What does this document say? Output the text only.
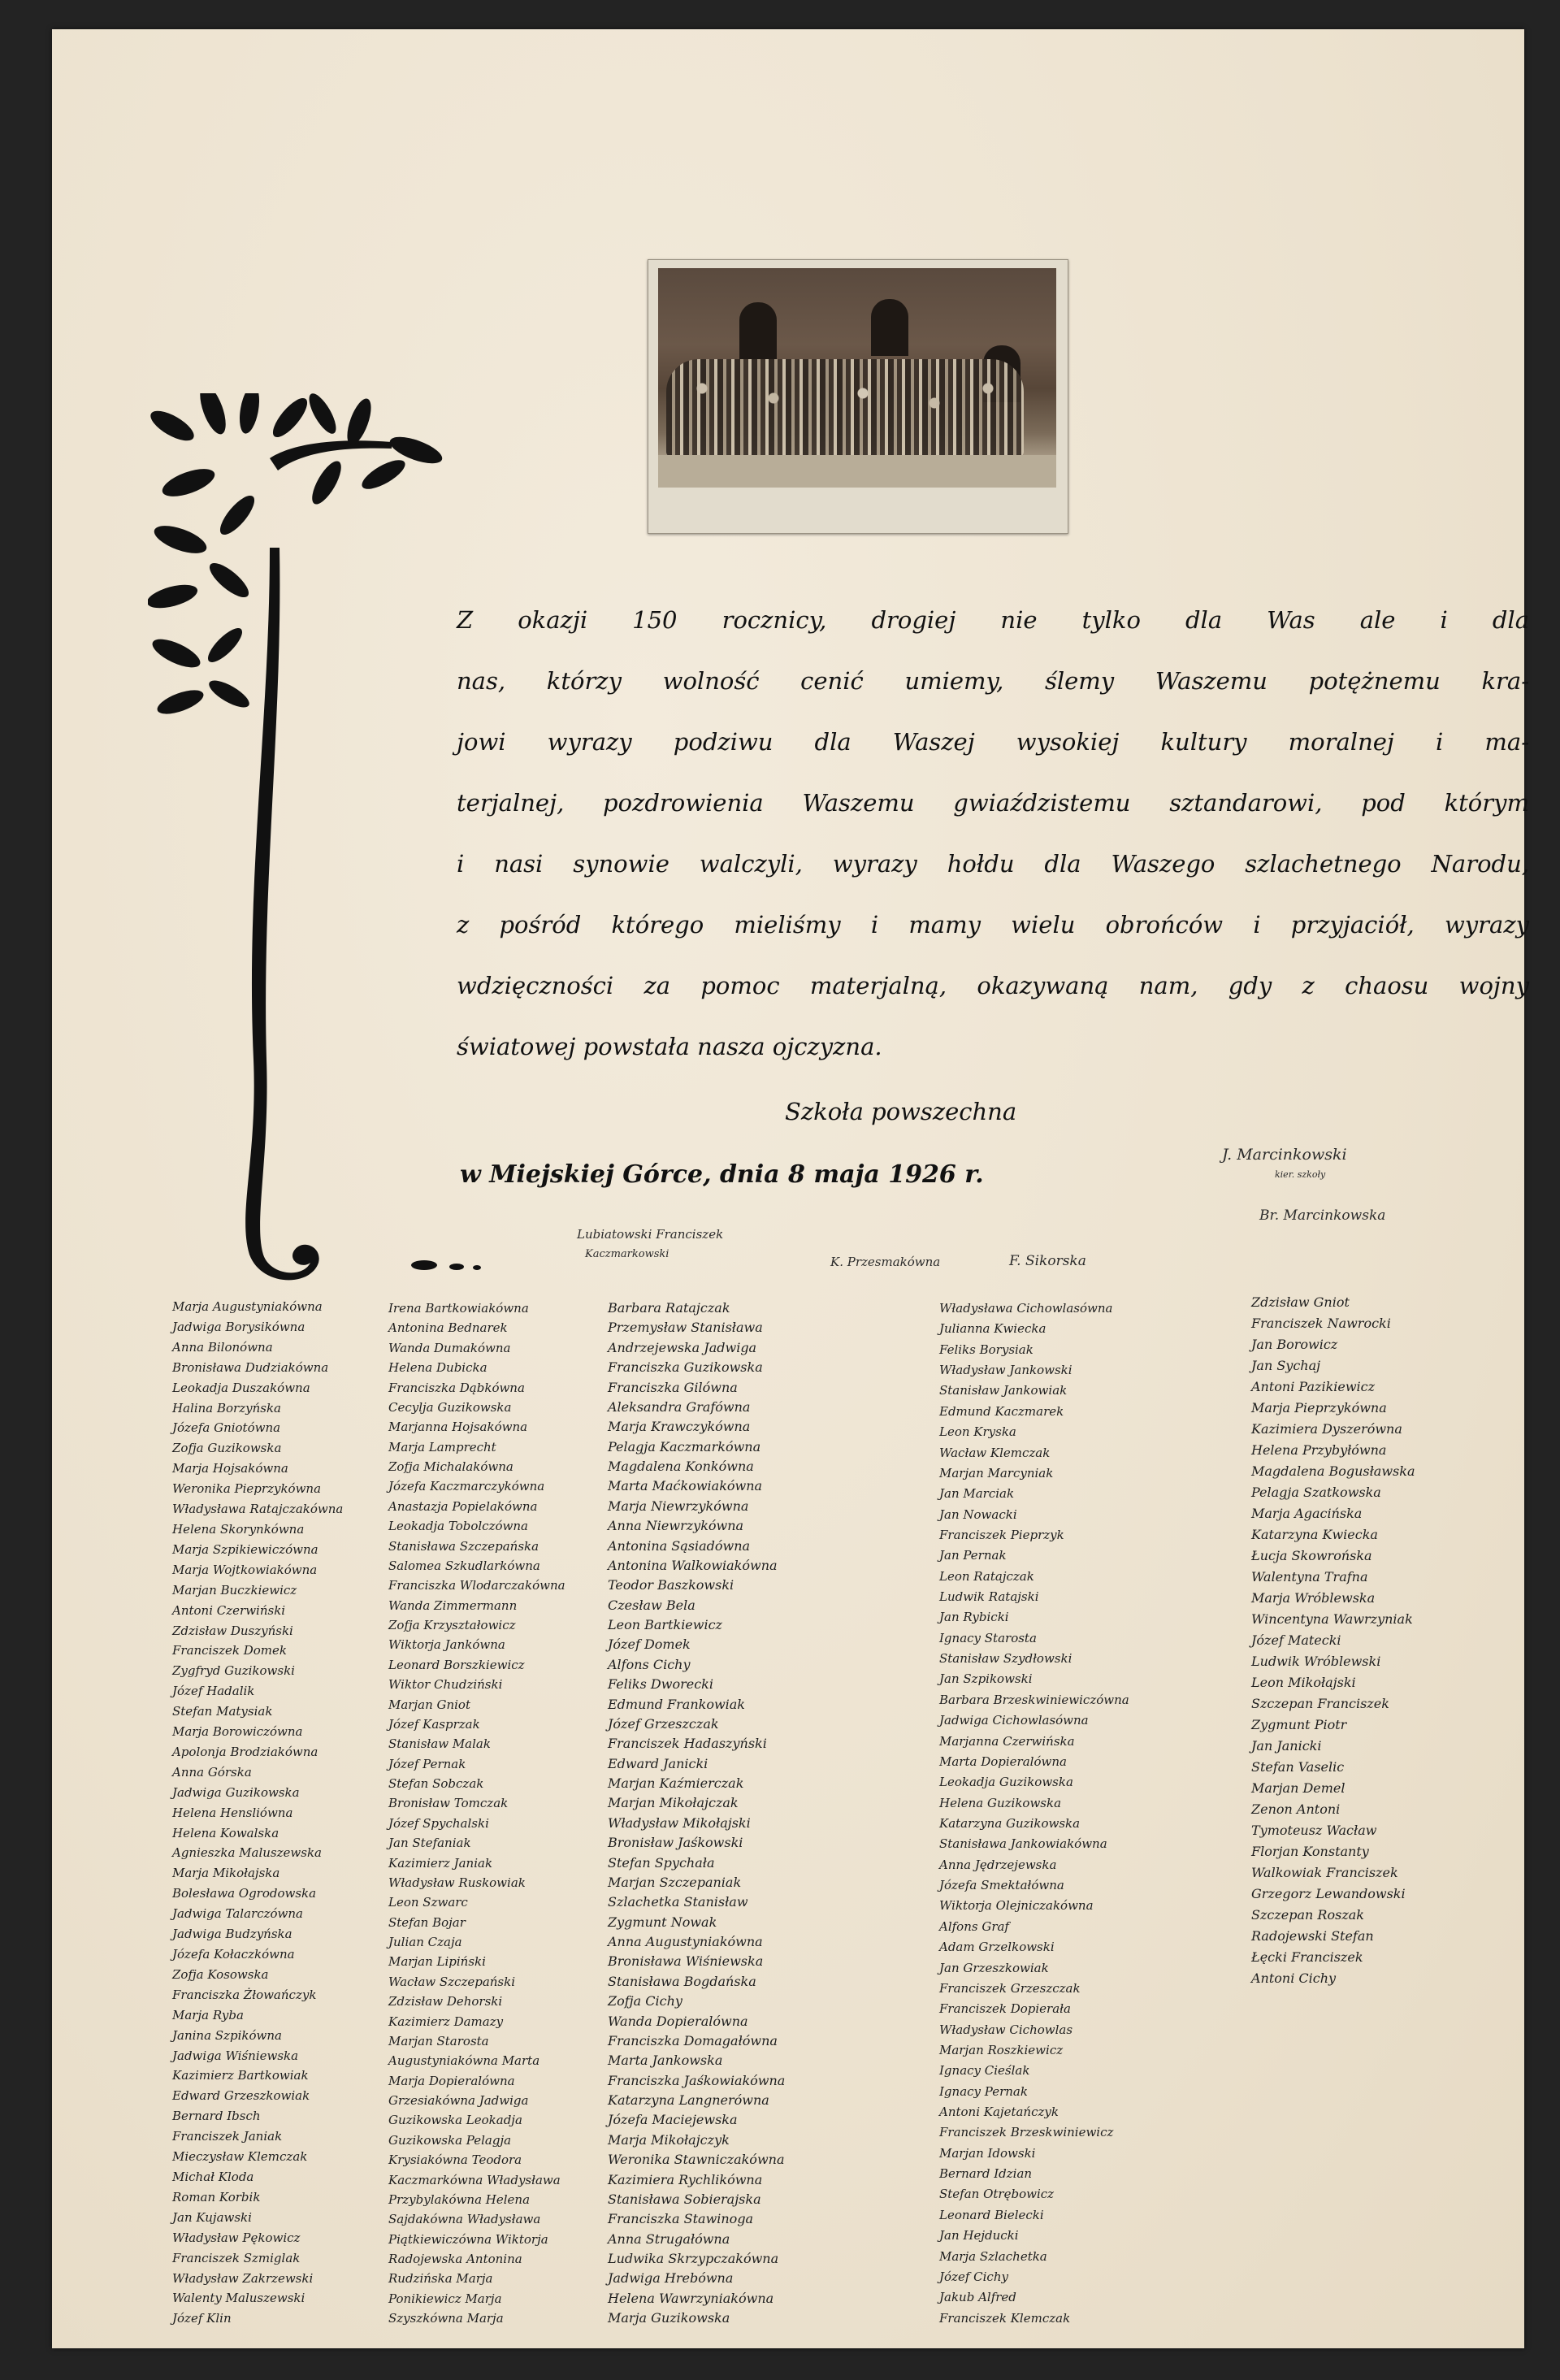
Z okazji 150 rocznicy, drogiej nie tylko dla Was ale i dla
nas, którzy wolność cenić umiemy, ślemy Waszemu potężnemu kra-
jowi wyrazy podziwu dla Waszej wysokiej kultury moralnej i ma-
terjalnej, pozdrowienia Waszemu gwiaździstemu sztandarowi, pod którym
i nasi synowie walczyli, wyrazy hołdu dla Waszego szlachetnego Narodu,
z pośród którego mieliśmy i mamy wielu obrońców i przyjaciół, wyrazy
wdzięczności za pomoc materjalną, okazywaną nam, gdy z chaosu wojny
światowej powstała nasza ojczyzna.
Szkoła powszechna
w Miejskiej Górce, dnia 8 maja 1926 r.
J. Marcinkowski
kier. szkoły
Br. Marcinkowska
Lubiatowski Franciszek
Kaczmarkowski
K. Przesmakówna	F. Sikorska
Marja Augustyniakówna
Jadwiga Borysikówna
Anna Bilonówna
Bronisława Dudziakówna
Leokadja Duszakówna
Halina Borzyńska
Józefa Gniotówna
Zofja Guzikowska
Marja Hojsakówna
Weronika Pieprzykówna
Władysława Ratajczakówna
Helena Skorynkówna
Marja Szpikiewiczówna
Marja Wojtkowiakówna
Marjan Buczkiewicz
Antoni Czerwiński
Zdzisław Duszyński
Franciszek Domek
Zygfryd Guzikowski
Józef Hadalik
Stefan Matysiak
Marja Borowiczówna
Apolonja Brodziakówna
Anna Górska
Jadwiga Guzikowska
Helena Hensliówna
Helena Kowalska
Agnieszka Maluszewska
Marja Mikołajska
Bolesława Ogrodowska
Jadwiga Talarczówna
Jadwiga Budzyńska
Józefa Kołaczkówna
Zofja Kosowska
Franciszka Żłowańczyk
Marja Ryba
Janina Szpikówna
Jadwiga Wiśniewska
Kazimierz Bartkowiak
Edward Grzeszkowiak
Bernard Ibsch
Franciszek Janiak
Mieczysław Klemczak
Michał Kloda
Roman Korbik
Jan Kujawski
Władysław Pękowicz
Franciszek Szmiglak
Władysław Zakrzewski
Walenty Maluszewski
Józef Klin
Irena Bartkowiakówna
Antonina Bednarek
Wanda Dumakówna
Helena Dubicka
Franciszka Dąbkówna
Cecylja Guzikowska
Marjanna Hojsakówna
Marja Lamprecht
Zofja Michalakówna
Józefa Kaczmarczykówna
Anastazja Popielakówna
Leokadja Tobolczówna
Stanisława Szczepańska
Salomea Szkudlarkówna
Franciszka Wlodarczakówna
Wanda Zimmermann
Zofja Krzyształowicz
Wiktorja Jankówna
Leonard Borszkiewicz
Wiktor Chudziński
Marjan Gniot
Józef Kasprzak
Stanisław Malak
Józef Pernak
Stefan Sobczak
Bronisław Tomczak
Józef Spychalski
Jan Stefaniak
Kazimierz Janiak
Władysław Ruskowiak
Leon Szwarc
Stefan Bojar
Julian Czaja
Marjan Lipiński
Wacław Szczepański
Zdzisław Dehorski
Kazimierz Damazy
Marjan Starosta
Augustyniakówna Marta
Marja Dopieralówna
Grzesiakówna Jadwiga
Guzikowska Leokadja
Guzikowska Pelagja
Krysiakówna Teodora
Kaczmarkówna Władysława
Przybylakówna Helena
Sajdakówna Władysława
Piątkiewiczówna Wiktorja
Radojewska Antonina
Rudzińska Marja
Ponikiewicz Marja
Szyszkówna Marja
Barbara Ratajczak
Przemysław Stanisława
Andrzejewska Jadwiga
Franciszka Guzikowska
Franciszka Gilówna
Aleksandra Grafówna
Marja Krawczykówna
Pelagja Kaczmarkówna
Magdalena Konkówna
Marta Maćkowiakówna
Marja Niewrzykówna
Anna Niewrzykówna
Antonina Sąsiadówna
Antonina Walkowiakówna
Teodor Baszkowski
Czesław Bela
Leon Bartkiewicz
Józef Domek
Alfons Cichy
Feliks Dworecki
Edmund Frankowiak
Józef Grzeszczak
Franciszek Hadaszyński
Edward Janicki
Marjan Kaźmierczak
Marjan Mikołajczak
Władysław Mikołajski
Bronisław Jaśkowski
Stefan Spychała
Marjan Szczepaniak
Szlachetka Stanisław
Zygmunt Nowak
Anna Augustyniakówna
Bronisława Wiśniewska
Stanisława Bogdańska
Zofja Cichy
Wanda Dopieralówna
Franciszka Domagałówna
Marta Jankowska
Franciszka Jaśkowiakówna
Katarzyna Langnerówna
Józefa Maciejewska
Marja Mikołajczyk
Weronika Stawniczakówna
Kazimiera Rychlikówna
Stanisława Sobierajska
Franciszka Stawinoga
Anna Strugałówna
Ludwika Skrzypczakówna
Jadwiga Hrebówna
Helena Wawrzyniakówna
Marja Guzikowska
Władysława Cichowlasówna
Julianna Kwiecka
Feliks Borysiak
Władysław Jankowski
Stanisław Jankowiak
Edmund Kaczmarek
Leon Kryska
Wacław Klemczak
Marjan Marcyniak
Jan Marciak
Jan Nowacki
Franciszek Pieprzyk
Jan Pernak
Leon Ratajczak
Ludwik Ratajski
Jan Rybicki
Ignacy Starosta
Stanisław Szydłowski
Jan Szpikowski
Barbara Brzeskwiniewiczówna
Jadwiga Cichowlasówna
Marjanna Czerwińska
Marta Dopieralówna
Leokadja Guzikowska
Helena Guzikowska
Katarzyna Guzikowska
Stanisława Jankowiakówna
Anna Jędrzejewska
Józefa Smektałówna
Wiktorja Olejniczakówna
Alfons Graf
Adam Grzelkowski
Jan Grzeszkowiak
Franciszek Grzeszczak
Franciszek Dopierała
Władysław Cichowlas
Marjan Roszkiewicz
Ignacy Cieślak
Ignacy Pernak
Antoni Kajetańczyk
Franciszek Brzeskwiniewicz
Marjan Idowski
Bernard Idzian
Stefan Otrębowicz
Leonard Bielecki
Jan Hejducki
Marja Szlachetka
Józef Cichy
Jakub Alfred
Franciszek Klemczak
Zdzisław Gniot
Franciszek Nawrocki
Jan Borowicz
Jan Sychaj
Antoni Pazikiewicz
Marja Pieprzykówna
Kazimiera Dyszerówna
Helena Przybyłówna
Magdalena Bogusławska
Pelagja Szatkowska
Marja Agacińska
Katarzyna Kwiecka
Łucja Skowrońska
Walentyna Trafna
Marja Wróblewska
Wincentyna Wawrzyniak
Józef Matecki
Ludwik Wróblewski
Leon Mikołajski
Szczepan Franciszek
Zygmunt Piotr
Jan Janicki
Stefan Vaselic
Marjan Demel
Zenon Antoni
Tymoteusz Wacław
Florjan Konstanty
Walkowiak Franciszek
Grzegorz Lewandowski
Szczepan Roszak
Radojewski Stefan
Łęcki Franciszek
Antoni Cichy
